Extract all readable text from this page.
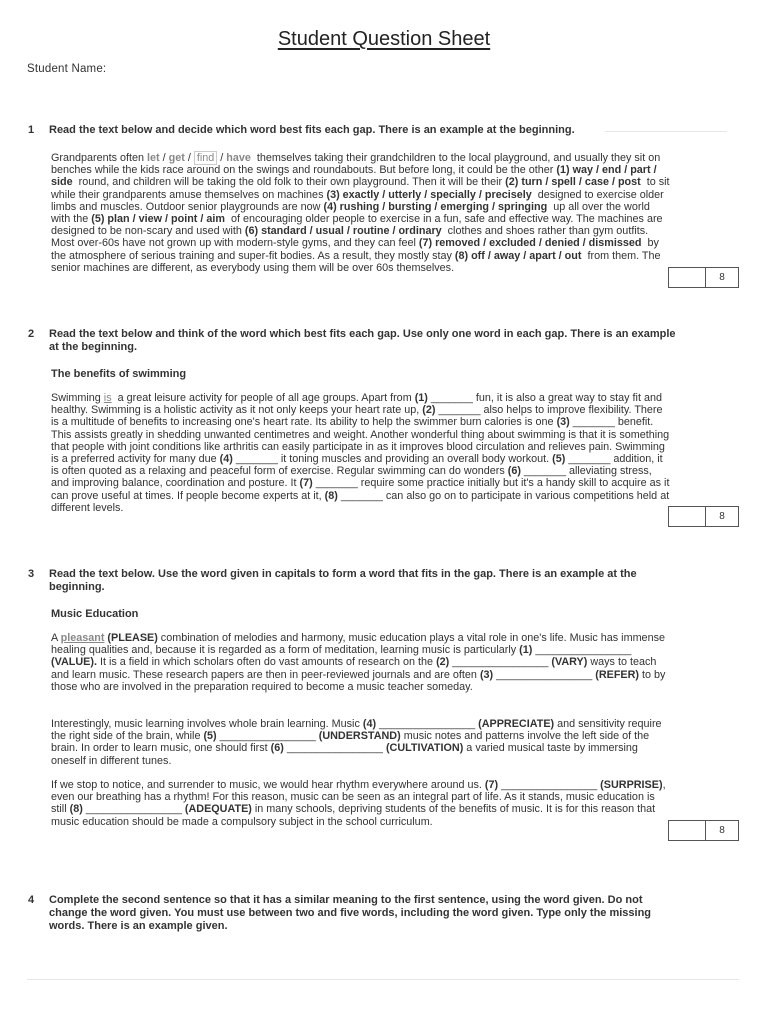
Student Question Sheet
Student Name:
1 Read the text below and decide which word best fits each gap. There is an example at the beginning.
Grandparents often let / get / find / have  themselves taking their grandchildren to the local playground, and usually they sit on benches while the kids race around on the swings and roundabouts. But before long, it could be the other (1) way / end / part / side  round, and children will be taking the old folk to their own playground. Then it will be their (2) turn / spell / case / post  to sit while their grandparents amuse themselves on machines (3) exactly / utterly / specially / precisely  designed to exercise older limbs and muscles. Outdoor senior playgrounds are now (4) rushing / bursting / emerging / springing  up all over the world with the (5) plan / view / point / aim  of encouraging older people to exercise in a fun, safe and effective way. The machines are designed to be non-scary and used with (6) standard / usual / routine / ordinary  clothes and shoes rather than gym outfits. Most over-60s have not grown up with modern-style gyms, and they can feel (7) removed / excluded / denied / dismissed  by the atmosphere of serious training and super-fit bodies. As a result, they mostly stay (8) off / away / apart / out  from them. The senior machines are different, as everybody using them will be over 60s themselves.
8
2 Read the text below and think of the word which best fits each gap. Use only one word in each gap. There is an example at the beginning.
The benefits of swimming
Swimming is  a great leisure activity for people of all age groups. Apart from (1) _______ fun, it is also a great way to stay fit and healthy. Swimming is a holistic activity as it not only keeps your heart rate up, (2) _______ also helps to improve flexibility. There is a multitude of benefits to increasing one's heart rate. Its ability to help the swimmer burn calories is one (3) _______ benefit. This assists greatly in shedding unwanted centimetres and weight. Another wonderful thing about swimming is that it is something that people with joint conditions like arthritis can easily participate in as it improves blood circulation and relieves pain. Swimming is a preferred activity for many due (4) _______ it toning muscles and providing an overall body workout. (5) _______ addition, it is often quoted as a relaxing and peaceful form of exercise. Regular swimming can do wonders (6) _______ alleviating stress, and improving balance, coordination and posture. It (7) _______ require some practice initially but it's a handy skill to acquire as it can prove useful at times. If people become experts at it, (8) _______ can also go on to participate in various competitions held at different levels.
8
3 Read the text below. Use the word given in capitals to form a word that fits in the gap. There is an example at the beginning.
Music Education
A pleasant (PLEASE) combination of melodies and harmony, music education plays a vital role in one's life. Music has immense healing qualities and, because it is regarded as a form of meditation, learning music is particularly (1) ________________ (VALUE). It is a field in which scholars often do vast amounts of research on the (2) ________________ (VARY) ways to teach and learn music. These research papers are then in peer-reviewed journals and are often (3) ________________ (REFER) to by those who are involved in the preparation required to become a music teacher someday.
Interestingly, music learning involves whole brain learning. Music (4) ________________ (APPRECIATE) and sensitivity require the right side of the brain, while (5) ________________ (UNDERSTAND) music notes and patterns involve the left side of the brain. In order to learn music, one should first (6) ________________ (CULTIVATION) a varied musical taste by immersing oneself in different tunes.
If we stop to notice, and surrender to music, we would hear rhythm everywhere around us. (7) ________________ (SURPRISE), even our breathing has a rhythm! For this reason, music can be seen as an integral part of life. As it stands, music education is still (8) ________________ (ADEQUATE) in many schools, depriving students of the benefits of music. It is for this reason that music education should be made a compulsory subject in the school curriculum.
8
4 Complete the second sentence so that it has a similar meaning to the first sentence, using the word given. Do not change the word given. You must use between two and five words, including the word given. Type only the missing words. There is an example given.
